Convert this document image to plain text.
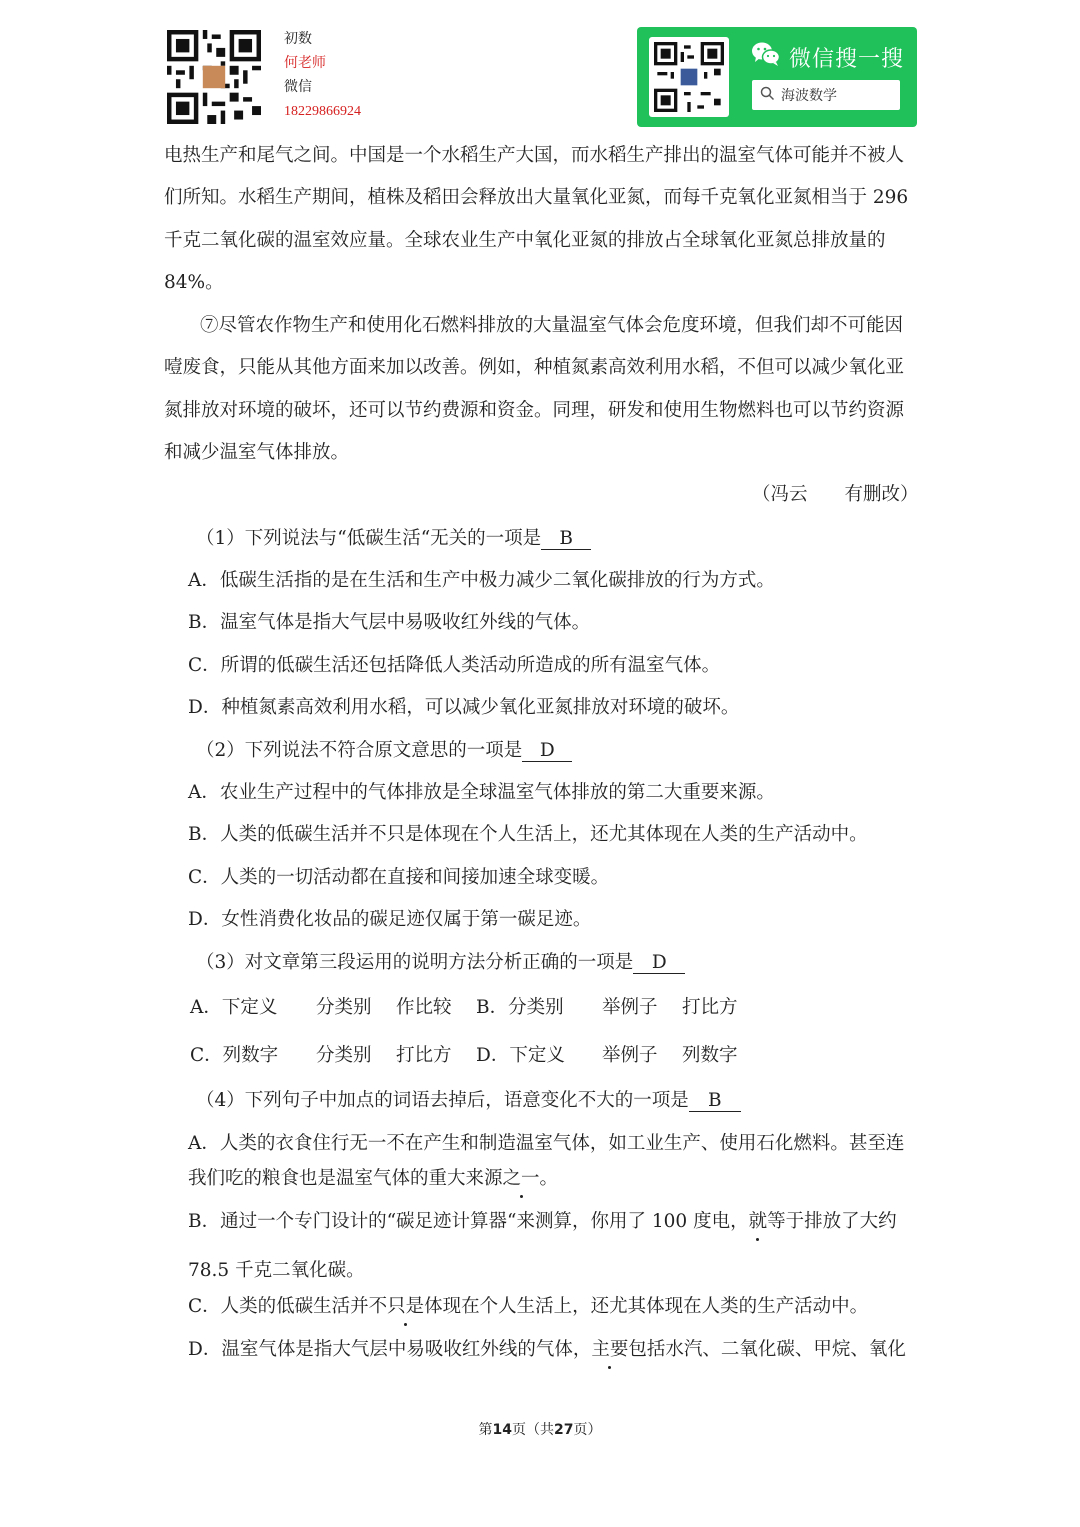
初数
何老师
微信
18229866924
微信搜一搜
海波数学
电热生产和尾气之间。中国是一个水稻生产大国，而水稻生产排出的温室气体可能并不被人
们所知。水稻生产期间，植株及稻田会释放出大量氧化亚氮，而每千克氧化亚氮相当于 296
千克二氧化碳的温室效应量。全球农业生产中氧化亚氮的排放占全球氧化亚氮总排放量的
84%。
⑦尽管农作物生产和使用化石燃料排放的大量温室气体会危度环境，但我们却不可能因
噎废食，只能从其他方面来加以改善。例如，种植氮素高效利用水稻，不但可以减少氧化亚
氮排放对环境的破坏，还可以节约费源和资金。同理，研发和使用生物燃料也可以节约资源
和减少温室气体排放。
（冯云　　有删改）
（1）下列说法与“低碳生活“无关的一项是 B
A．低碳生活指的是在生活和生产中极力减少二氧化碳排放的行为方式。
B．温室气体是指大气层中易吸收红外线的气体。
C．所谓的低碳生活还包括降低人类活动所造成的所有温室气体。
D．种植氮素高效利用水稻，可以减少氧化亚氮排放对环境的破坏。
（2）下列说法不符合原文意思的一项是 D
A．农业生产过程中的气体排放是全球温室气体排放的第二大重要来源。
B．人类的低碳生活并不只是体现在个人生活上，还尤其体现在人类的生产活动中。
C．人类的一切活动都在直接和间接加速全球变暖。
D．女性消费化妆品的碳足迹仅属于第一碳足迹。
（3）对文章第三段运用的说明方法分析正确的一项是 D
A．下定义 分类别 作比较 B．分类别 举例子 打比方
C．列数字 分类别 打比方 D．下定义 举例子 列数字
（4）下列句子中加点的词语去掉后，语意变化不大的一项是 B
A．人类的衣食住行无一不在产生和制造温室气体，如工业生产、使用石化燃料。甚至连
我们吃的粮食也是温室气体的重大来源之一。
B．通过一个专门设计的“碳足迹计算器“来测算，你用了 100 度电，就等于排放了大约
78.5 千克二氧化碳。
C．人类的低碳生活并不只是体现在个人生活上，还尤其体现在人类的生产活动中。
D．温室气体是指大气层中易吸收红外线的气体，主要包括水汽、二氧化碳、甲烷、氧化
第14页（共27页）
